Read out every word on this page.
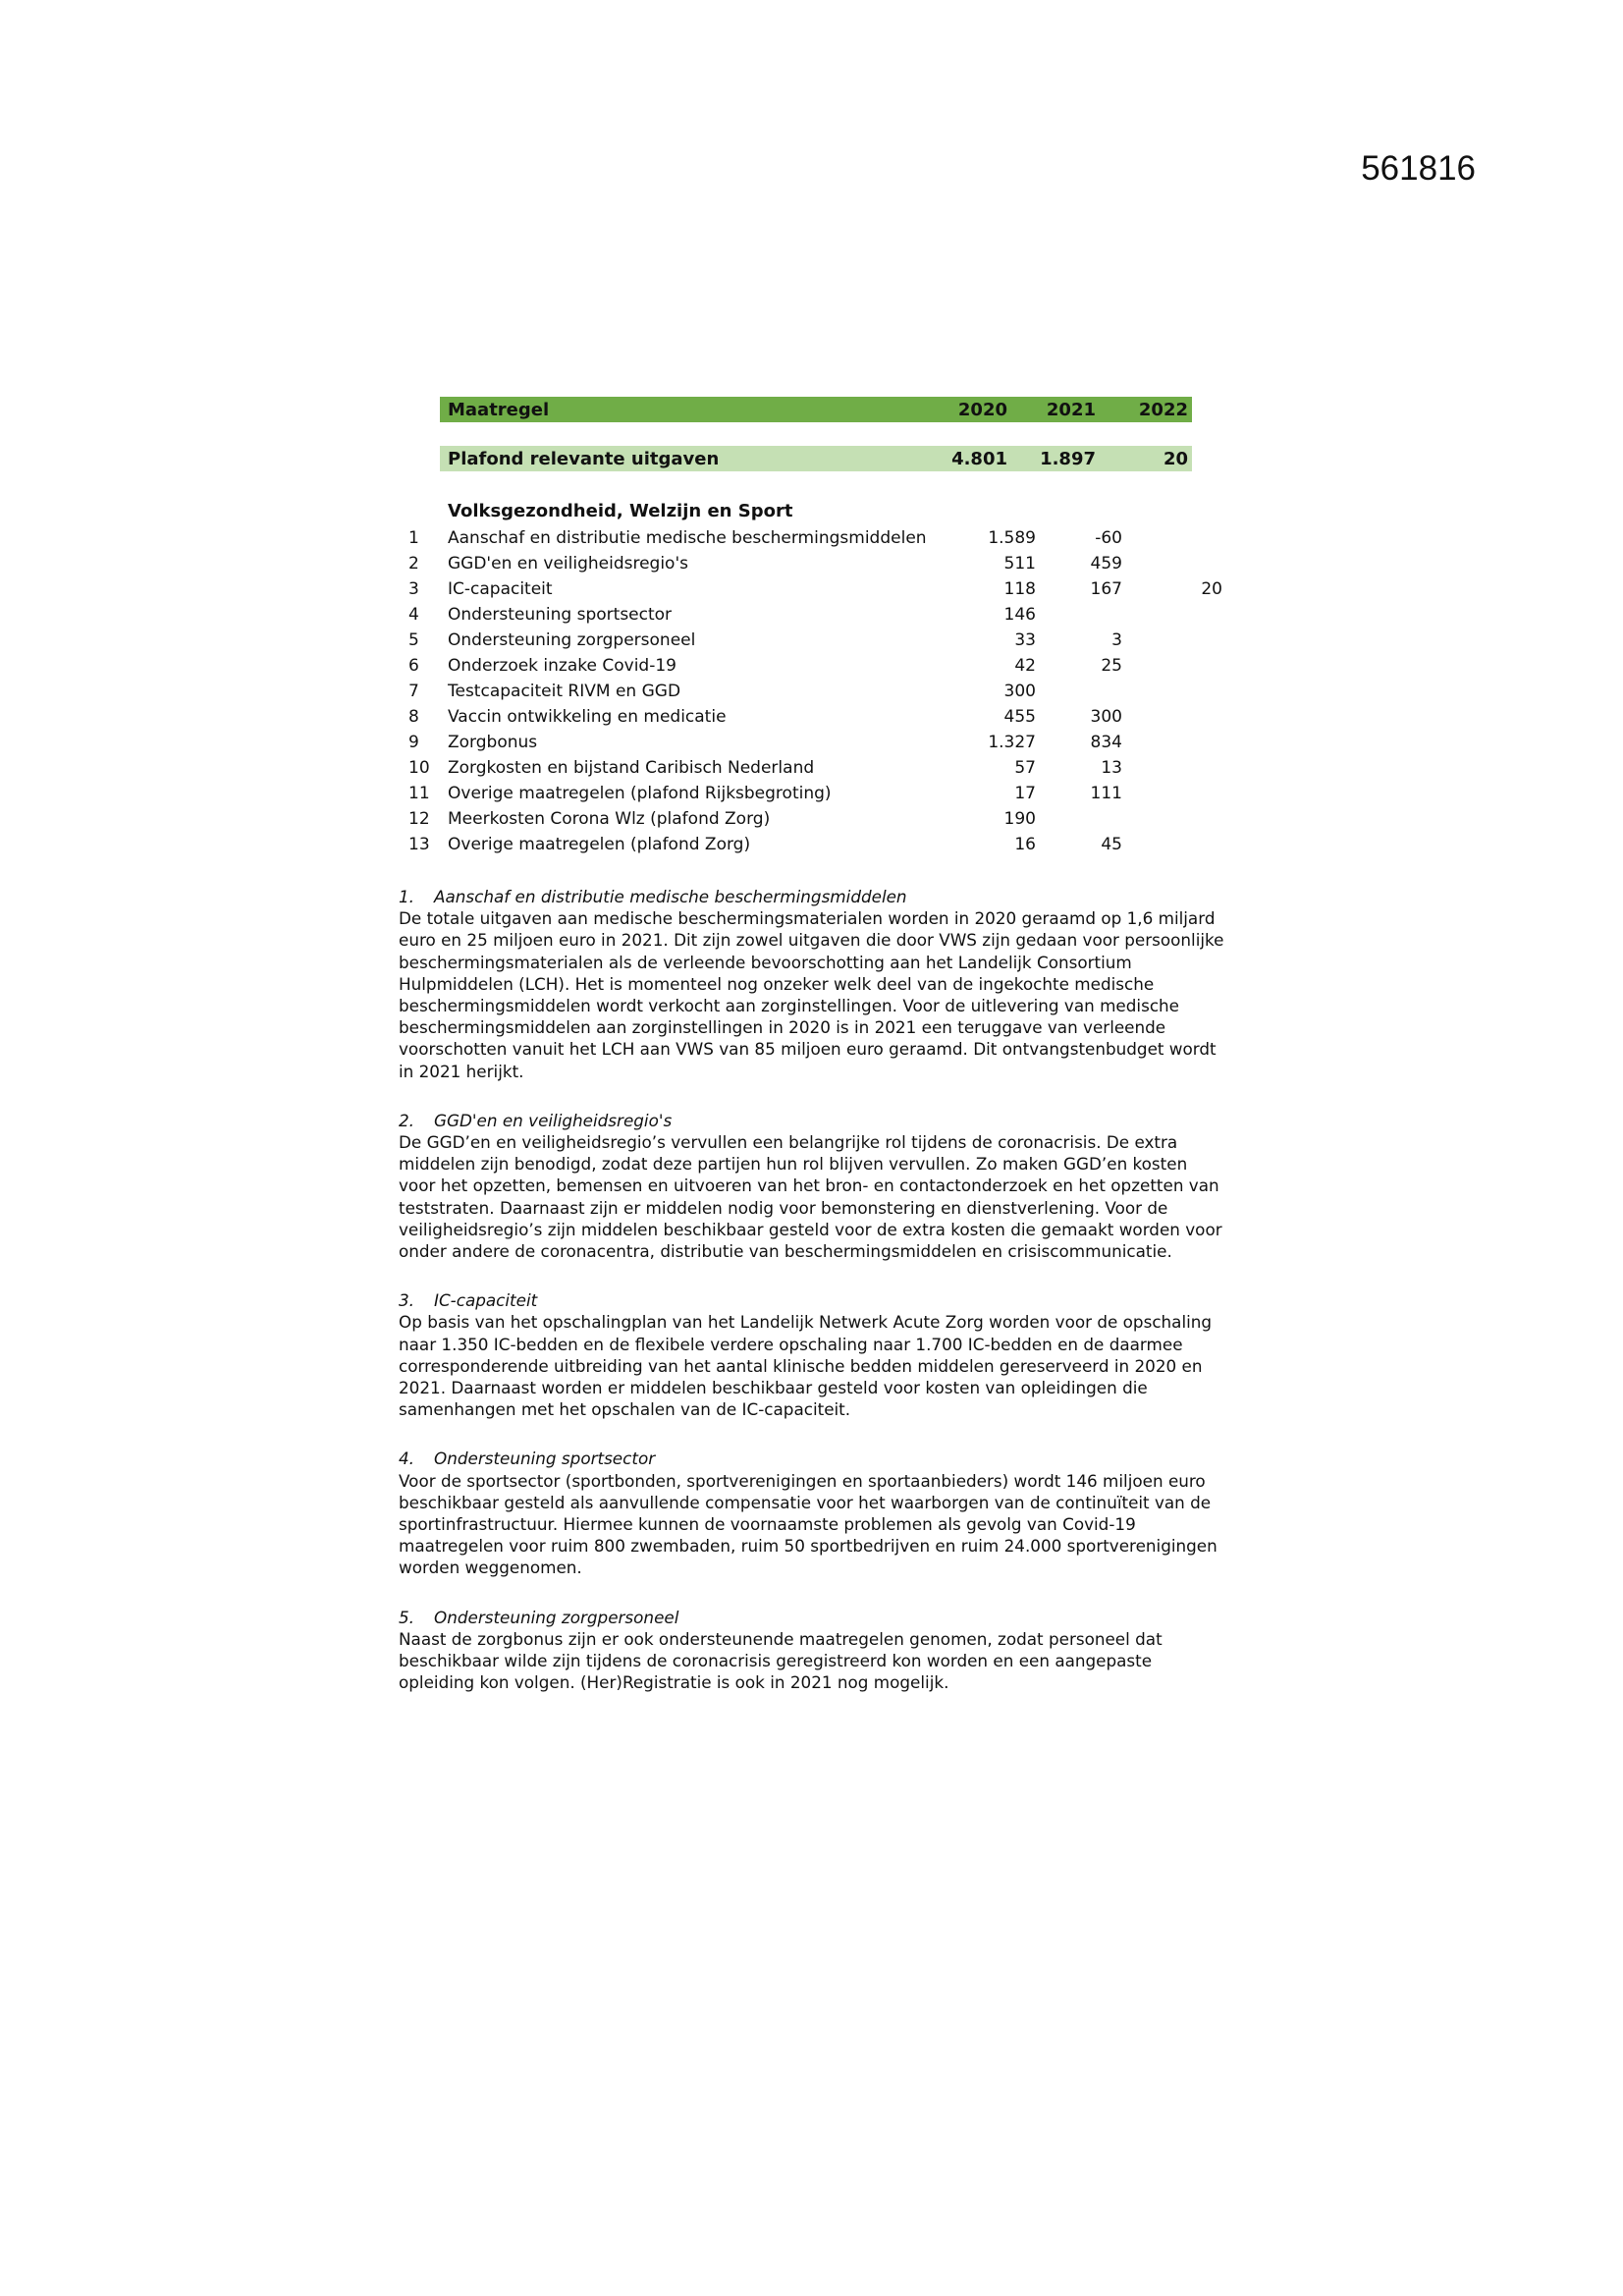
561816
Maatregel	2020 2021 2022
Plafond relevante uitgaven	4.801 1.897	20
Volksgezondheid, Welzijn en Sport
1 Aanschaf en distributie medische beschermingsmiddelen	1.589	-60
2 GGD'en en veiligheidsregio's	511	459
3 IC-capaciteit	118	167	20
4 Ondersteuning sportsector	146
5 Ondersteuning zorgpersoneel	33	3
6 Onderzoek inzake Covid-19	42	25
7 Testcapaciteit RIVM en GGD	300
8 Vaccin ontwikkeling en medicatie	455	300
9 Zorgbonus	1.327	834
10 Zorgkosten en bijstand Caribisch Nederland	57	13
11 Overige maatregelen (plafond Rijksbegroting)	17	111
12 Meerkosten Corona Wlz (plafond Zorg)	190
13 Overige maatregelen (plafond Zorg)	16	45
1. Aanschaf en distributie medische beschermingsmiddelen

De totale uitgaven aan medische beschermingsmaterialen worden in 2020 geraamd op 1,6 miljard euro en 25 miljoen euro in 2021. Dit zijn zowel uitgaven die door VWS zijn gedaan voor persoonlijke beschermingsmaterialen als de verleende bevoorschotting aan het Landelijk Consortium Hulpmiddelen (LCH). Het is momenteel nog onzeker welk deel van de ingekochte medische beschermingsmiddelen wordt verkocht aan zorginstellingen. Voor de uitlevering van medische beschermingsmiddelen aan zorginstellingen in 2020 is in 2021 een teruggave van verleende voorschotten vanuit het LCH aan VWS van 85 miljoen euro geraamd. Dit ontvangstenbudget wordt in 2021 herijkt.

2. GGD'en en veiligheidsregio's

De GGD’en en veiligheidsregio’s vervullen een belangrijke rol tijdens de coronacrisis. De extra middelen zijn benodigd, zodat deze partijen hun rol blijven vervullen. Zo maken GGD’en kosten voor het opzetten, bemensen en uitvoeren van het bron- en contactonderzoek en het opzetten van teststraten. Daarnaast zijn er middelen nodig voor bemonstering en dienstverlening. Voor de veiligheidsregio’s zijn middelen beschikbaar gesteld voor de extra kosten die gemaakt worden voor onder andere de coronacentra, distributie van beschermingsmiddelen en crisiscommunicatie.

3. IC-capaciteit

Op basis van het opschalingplan van het Landelijk Netwerk Acute Zorg worden voor de opschaling naar 1.350 IC-bedden en de flexibele verdere opschaling naar 1.700 IC-bedden en de daarmee corresponderende uitbreiding van het aantal klinische bedden middelen gereserveerd in 2020 en 2021. Daarnaast worden er middelen beschikbaar gesteld voor kosten van opleidingen die samenhangen met het opschalen van de IC-capaciteit.

4. Ondersteuning sportsector

Voor de sportsector (sportbonden, sportverenigingen en sportaanbieders) wordt 146 miljoen euro beschikbaar gesteld als aanvullende compensatie voor het waarborgen van de continuïteit van de sportinfrastructuur. Hiermee kunnen de voornaamste problemen als gevolg van Covid-19 maatregelen voor ruim 800 zwembaden, ruim 50 sportbedrijven en ruim 24.000 sportverenigingen worden weggenomen.

5. Ondersteuning zorgpersoneel

Naast de zorgbonus zijn er ook ondersteunende maatregelen genomen, zodat personeel dat beschikbaar wilde zijn tijdens de coronacrisis geregistreerd kon worden en een aangepaste opleiding kon volgen. (Her)Registratie is ook in 2021 nog mogelijk.
